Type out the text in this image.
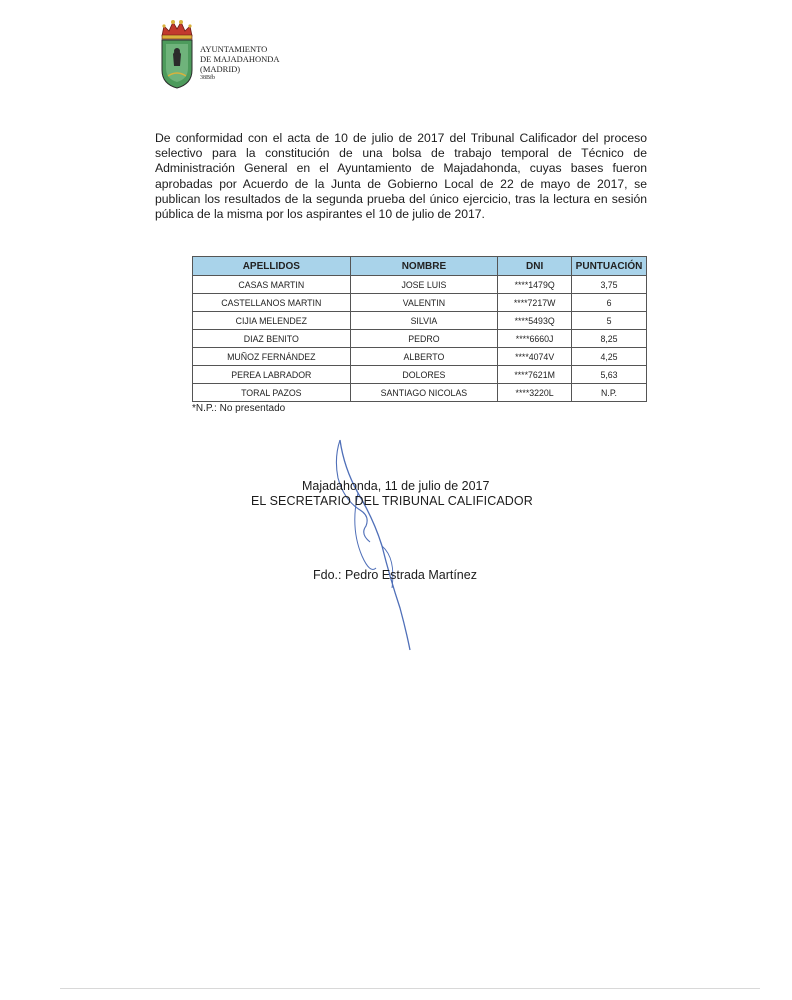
AYUNTAMIENTO
DE MAJADAHONDA
(MADRID)
38Bfb

De conformidad con el acta de 10 de julio de 2017 del Tribunal Calificador del proceso selectivo para la constitución de una bolsa de trabajo temporal de Técnico de Administración General en el Ayuntamiento de Majadahonda, cuyas bases fueron aprobadas por Acuerdo de la Junta de Gobierno Local de 22 de mayo de 2017, se publican los resultados de la segunda prueba del único ejercicio, tras la lectura en sesión pública de la misma por los aspirantes el 10 de julio de 2017.

APELLIDOS	NOMBRE	DNI	PUNTUACIÓN
CASAS MARTIN	JOSE LUIS	****1479Q	3,75
CASTELLANOS MARTIN	VALENTIN	****7217W	6
CIJIA MELENDEZ	SILVIA	****5493Q	5
DIAZ BENITO	PEDRO	****6660J	8,25
MUÑOZ FERNÁNDEZ	ALBERTO	****4074V	4,25
PEREA LABRADOR	DOLORES	****7621M	5,63
TORAL PAZOS	SANTIAGO NICOLAS	****3220L	N.P.
*N.P.: No presentado
Majadahonda, 11 de julio de 2017
EL SECRETARIO DEL TRIBUNAL CALIFICADOR
Fdo.: Pedro Estrada Martínez
